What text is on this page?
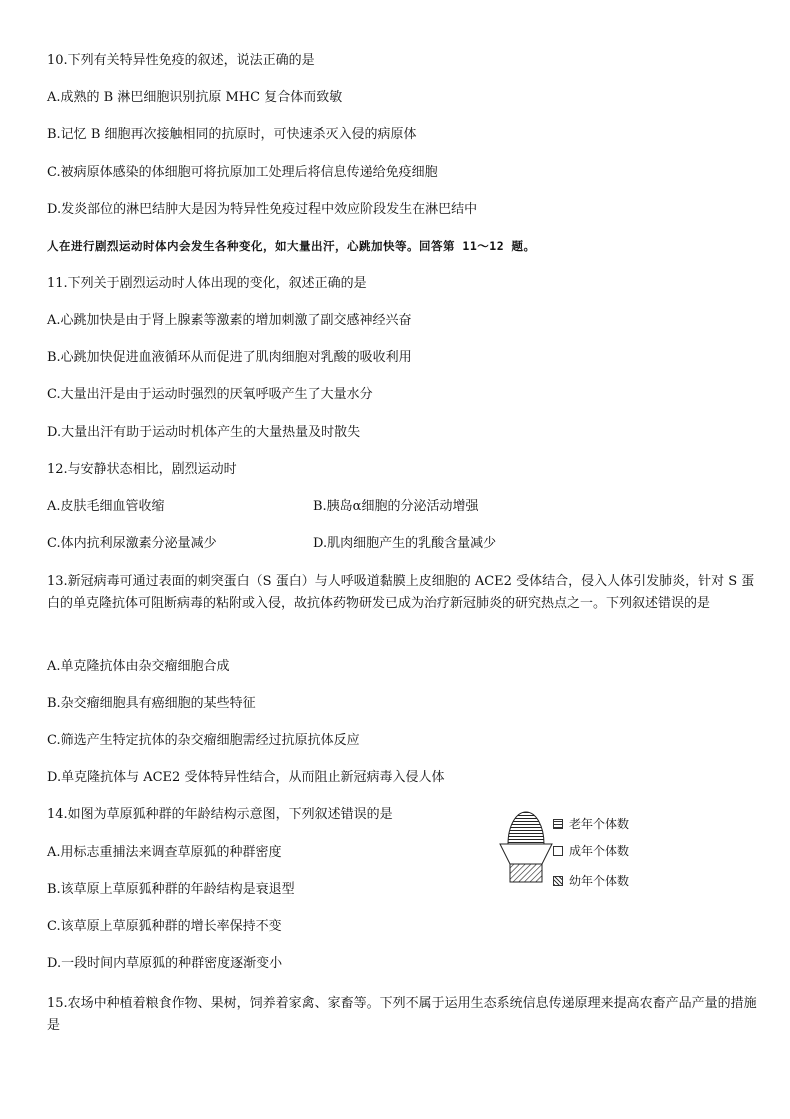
10.下列有关特异性免疫的叙述，说法正确的是
A.成熟的 B 淋巴细胞识别抗原 MHC 复合体而致敏
B.记忆 B 细胞再次接触相同的抗原时，可快速杀灭入侵的病原体
C.被病原体感染的体细胞可将抗原加工处理后将信息传递给免疫细胞
D.发炎部位的淋巴结肿大是因为特异性免疫过程中效应阶段发生在淋巴结中
人在进行剧烈运动时体内会发生各种变化，如大量出汗，心跳加快等。回答第 11～12 题。
11.下列关于剧烈运动时人体出现的变化，叙述正确的是
A.心跳加快是由于肾上腺素等激素的增加刺激了副交感神经兴奋
B.心跳加快促进血液循环从而促进了肌肉细胞对乳酸的吸收利用
C.大量出汗是由于运动时强烈的厌氧呼吸产生了大量水分
D.大量出汗有助于运动时机体产生的大量热量及时散失
12.与安静状态相比，剧烈运动时
A.皮肤毛细血管收缩	B.胰岛α细胞的分泌活动增强
C.体内抗利尿激素分泌量减少	D.肌肉细胞产生的乳酸含量减少
13.新冠病毒可通过表面的刺突蛋白（S 蛋白）与人呼吸道黏膜上皮细胞的 ACE2 受体结合，侵入人体引发肺炎，针对 S 蛋白的单克隆抗体可阻断病毒的粘附或入侵，故抗体药物研发已成为治疗新冠肺炎的研究热点之一。下列叙述错误的是
A.单克隆抗体由杂交瘤细胞合成
B.杂交瘤细胞具有癌细胞的某些特征
C.筛选产生特定抗体的杂交瘤细胞需经过抗原抗体反应
D.单克隆抗体与 ACE2 受体特异性结合，从而阻止新冠病毒入侵人体
14.如图为草原狐种群的年龄结构示意图，下列叙述错误的是
A.用标志重捕法来调查草原狐的种群密度
B.该草原上草原狐种群的年龄结构是衰退型
C.该草原上草原狐种群的增长率保持不变
D.一段时间内草原狐的种群密度逐渐变小
老年个体数
成年个体数
幼年个体数
15.农场中种植着粮食作物、果树，饲养着家禽、家畜等。下列不属于运用生态系统信息传递原理来提高农畜产品产量的措施是
